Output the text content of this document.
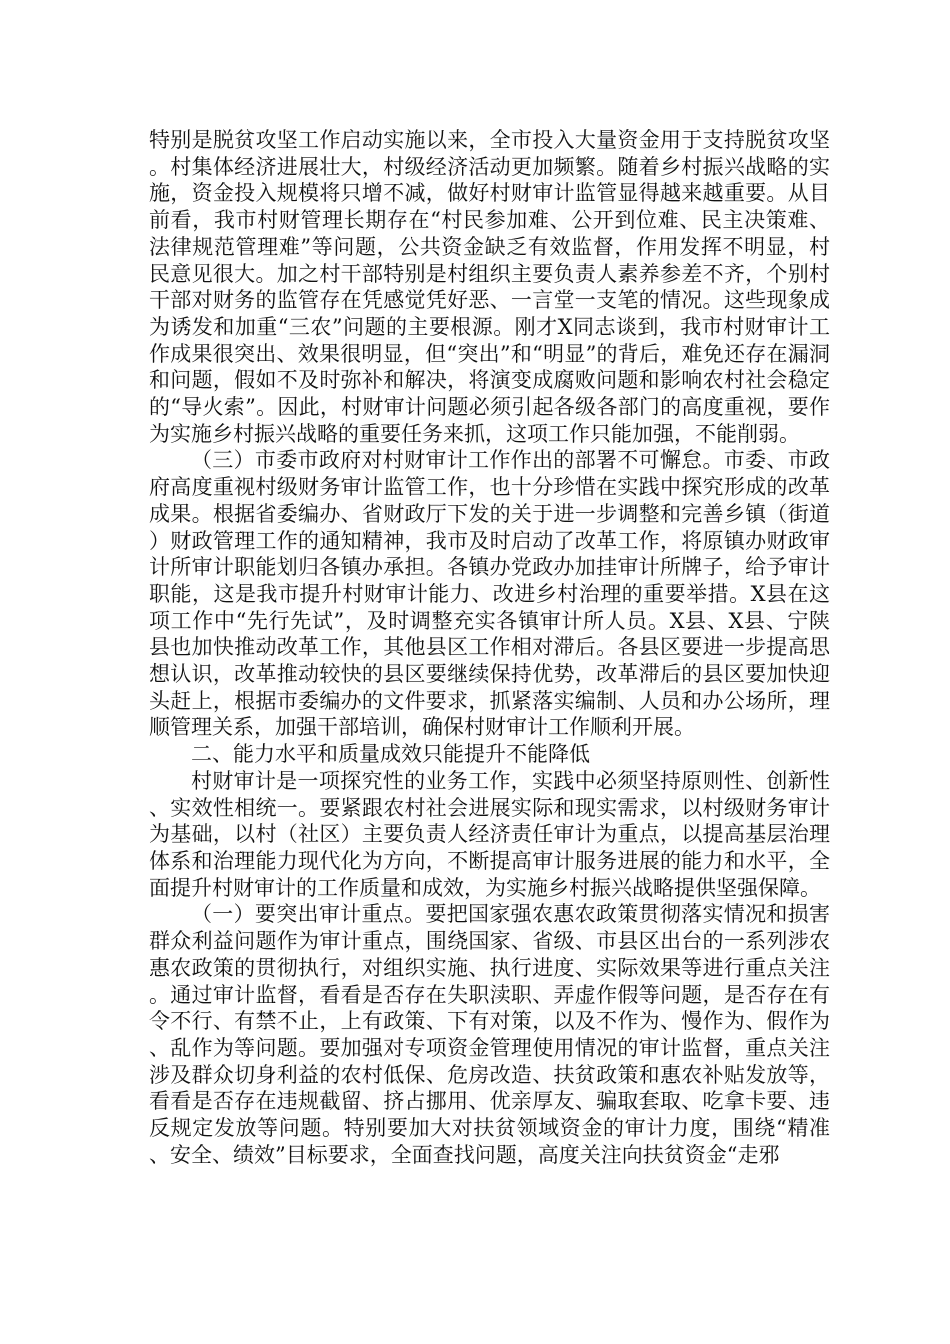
特别是脱贫攻坚工作启动实施以来，全市投入大量资金用于支持脱贫攻坚。村集体经济进展壮大，村级经济活动更加频繁。随着乡村振兴战略的实施，资金投入规模将只增不减，做好村财审计监管显得越来越重要。从目前看，我市村财管理长期存在“村民参加难、公开到位难、民主决策难、法律规范管理难”等问题，公共资金缺乏有效监督，作用发挥不明显，村民意见很大。加之村干部特别是村组织主要负责人素养参差不齐，个别村干部对财务的监管存在凭感觉凭好恶、一言堂一支笔的情况。这些现象成为诱发和加重“三农”问题的主要根源。刚才X同志谈到，我市村财审计工作成果很突出、效果很明显，但“突出”和“明显”的背后，难免还存在漏洞和问题，假如不及时弥补和解决，将演变成腐败问题和影响农村社会稳定的“导火索”。因此，村财审计问题必须引起各级各部门的高度重视，要作为实施乡村振兴战略的重要任务来抓，这项工作只能加强，不能削弱。

（三）市委市政府对村财审计工作作出的部署不可懈怠。市委、市政府高度重视村级财务审计监管工作，也十分珍惜在实践中探究形成的改革成果。根据省委编办、省财政厅下发的关于进一步调整和完善乡镇（街道）财政管理工作的通知精神，我市及时启动了改革工作，将原镇办财政审计所审计职能划归各镇办承担。各镇办党政办加挂审计所牌子，给予审计职能，这是我市提升村财审计能力、改进乡村治理的重要举措。X县在这项工作中“先行先试”，及时调整充实各镇审计所人员。X县、X县、宁陕县也加快推动改革工作，其他县区工作相对滞后。各县区要进一步提高思想认识，改革推动较快的县区要继续保持优势，改革滞后的县区要加快迎头赶上，根据市委编办的文件要求，抓紧落实编制、人员和办公场所，理顺管理关系，加强干部培训，确保村财审计工作顺利开展。

二、能力水平和质量成效只能提升不能降低

村财审计是一项探究性的业务工作，实践中必须坚持原则性、创新性、实效性相统一。要紧跟农村社会进展实际和现实需求，以村级财务审计为基础，以村（社区）主要负责人经济责任审计为重点，以提高基层治理体系和治理能力现代化为方向，不断提高审计服务进展的能力和水平，全面提升村财审计的工作质量和成效，为实施乡村振兴战略提供坚强保障。

（一）要突出审计重点。要把国家强农惠农政策贯彻落实情况和损害群众利益问题作为审计重点，围绕国家、省级、市县区出台的一系列涉农惠农政策的贯彻执行，对组织实施、执行进度、实际效果等进行重点关注。通过审计监督，看看是否存在失职渎职、弄虚作假等问题，是否存在有令不行、有禁不止，上有政策、下有对策，以及不作为、慢作为、假作为、乱作为等问题。要加强对专项资金管理使用情况的审计监督，重点关注涉及群众切身利益的农村低保、危房改造、扶贫政策和惠农补贴发放等，看看是否存在违规截留、挤占挪用、优亲厚友、骗取套取、吃拿卡要、违反规定发放等问题。特别要加大对扶贫领域资金的审计力度，围绕“精准、安全、绩效”目标要求，全面查找问题，高度关注向扶贫资金“走邪
